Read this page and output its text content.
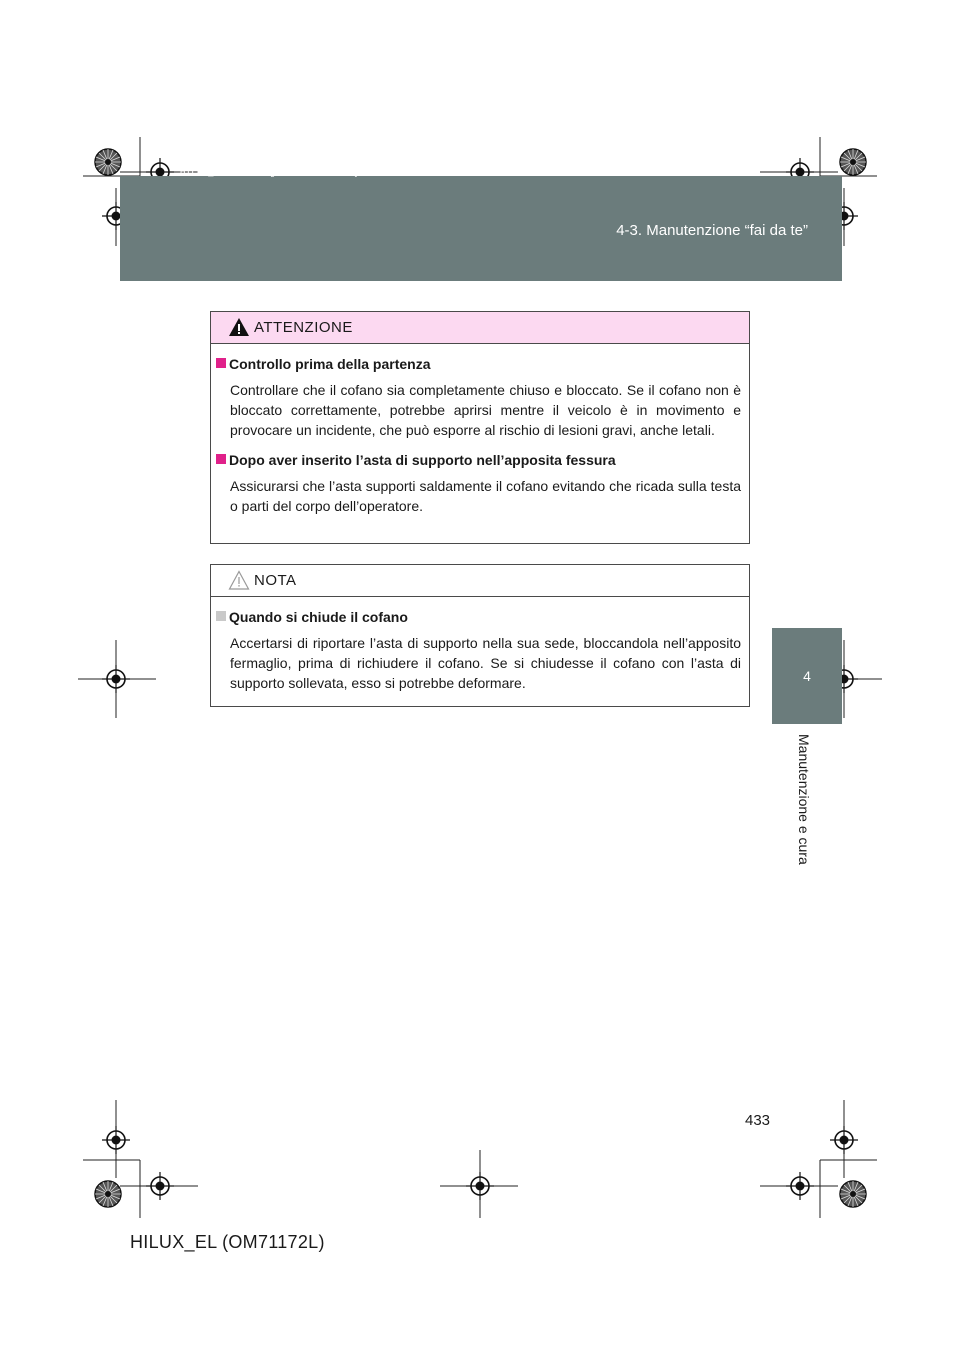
HILUX_EL.book Page 433 Wednesday, March 23, 2011 3:30 PM
4-3. Manutenzione “fai da te”
4
Manutenzione e cura
ATTENZIONE
Controllo prima della partenza
Controllare che il cofano sia completamente chiuso e bloccato. Se il cofano non è bloccato correttamente, potrebbe aprirsi mentre il veicolo è in movimento e provocare un incidente, che può esporre al rischio di lesioni gravi, anche letali.
Dopo aver inserito l’asta di supporto nell’apposita fessura
Assicurarsi che l’asta supporti saldamente il cofano evitando che ricada sulla testa o parti del corpo dell’operatore.
NOTA
Quando si chiude il cofano
Accertarsi di riportare l’asta di supporto nella sua sede, bloccandola nell’apposito fermaglio, prima di richiudere il cofano. Se si chiudesse il cofano con l’asta di supporto sollevata, esso si potrebbe deformare.
433
HILUX_EL (OM71172L)
